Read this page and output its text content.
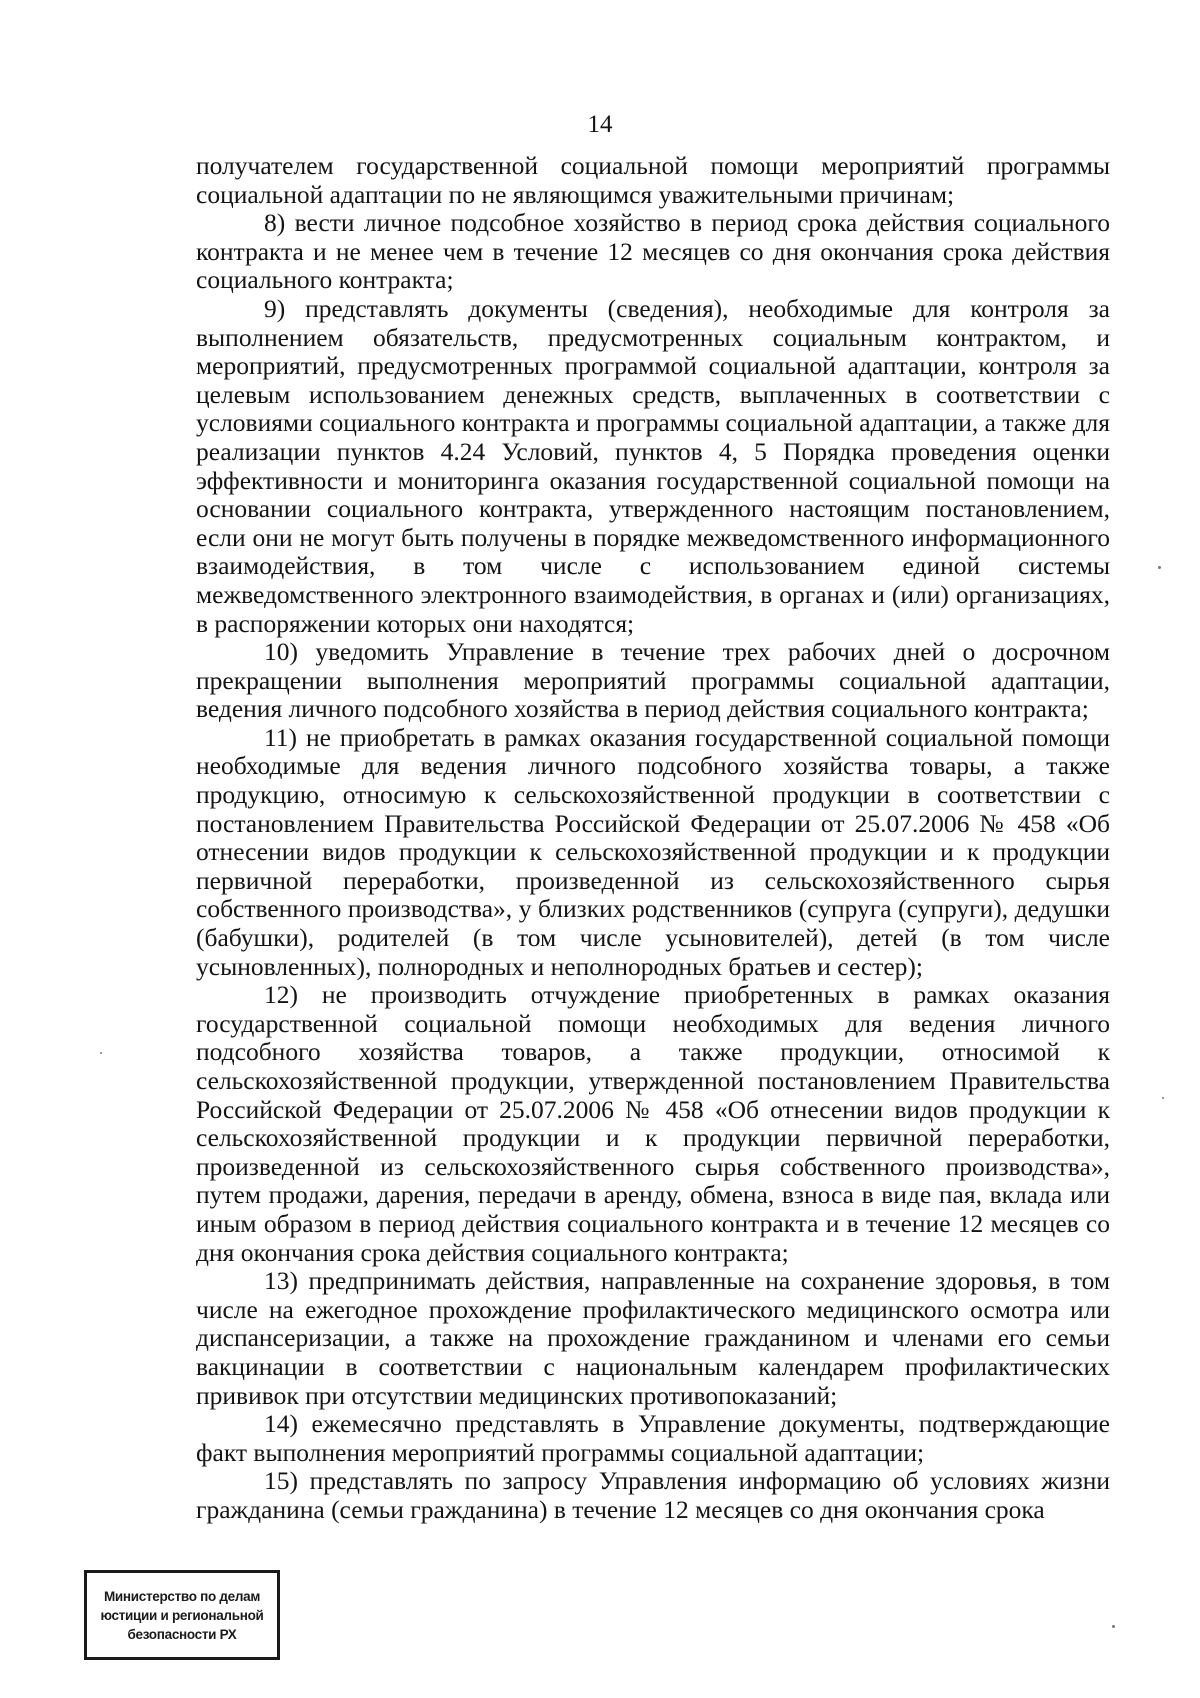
14

получателем государственной социальной помощи мероприятий программы социальной адаптации по не являющимся уважительными причинам;

8) вести личное подсобное хозяйство в период срока действия социального контракта и не менее чем в течение 12 месяцев со дня окончания срока действия социального контракта;

9) представлять документы (сведения), необходимые для контроля за выполнением обязательств, предусмотренных социальным контрактом, и мероприятий, предусмотренных программой социальной адаптации, контроля за целевым использованием денежных средств, выплаченных в соответствии с условиями социального контракта и программы социальной адаптации, а также для реализации пунктов 4.24 Условий, пунктов 4, 5 Порядка проведения оценки эффективности и мониторинга оказания государственной социальной помощи на основании социального контракта, утвержденного настоящим постановлением, если они не могут быть получены в порядке межведомственного информационного взаимодействия, в том числе с использованием единой системы межведомственного электронного взаимодействия, в органах и (или) организациях, в распоряжении которых они находятся;

10) уведомить Управление в течение трех рабочих дней о досрочном прекращении выполнения мероприятий программы социальной адаптации, ведения личного подсобного хозяйства в период действия социального контракта;

11) не приобретать в рамках оказания государственной социальной помощи необходимые для ведения личного подсобного хозяйства товары, а также продукцию, относимую к сельскохозяйственной продукции в соответствии с постановлением Правительства Российской Федерации от 25.07.2006 № 458 «Об отнесении видов продукции к сельскохозяйственной продукции и к продукции первичной переработки, произведенной из сельскохозяйственного сырья собственного производства», у близких родственников (супруга (супруги), дедушки (бабушки), родителей (в том числе усыновителей), детей (в том числе усыновленных), полнородных и неполнородных братьев и сестер);

12) не производить отчуждение приобретенных в рамках оказания государственной социальной помощи необходимых для ведения личного подсобного хозяйства товаров, а также продукции, относимой к сельскохозяйственной продукции, утвержденной постановлением Правительства Российской Федерации от 25.07.2006 № 458 «Об отнесении видов продукции к сельскохозяйственной продукции и к продукции первичной переработки, произведенной из сельскохозяйственного сырья собственного производства», путем продажи, дарения, передачи в аренду, обмена, взноса в виде пая, вклада или иным образом в период действия социального контракта и в течение 12 месяцев со дня окончания срока действия социального контракта;

13) предпринимать действия, направленные на сохранение здоровья, в том числе на ежегодное прохождение профилактического медицинского осмотра или диспансеризации, а также на прохождение гражданином и членами его семьи вакцинации в соответствии с национальным календарем профилактических прививок при отсутствии медицинских противопоказаний;

14) ежемесячно представлять в Управление документы, подтверждающие факт выполнения мероприятий программы социальной адаптации;

15) представлять по запросу Управления информацию об условиях жизни гражданина (семьи гражданина) в течение 12 месяцев со дня окончания срока

Министерство по делам
юстиции и региональной
безопасности РХ
